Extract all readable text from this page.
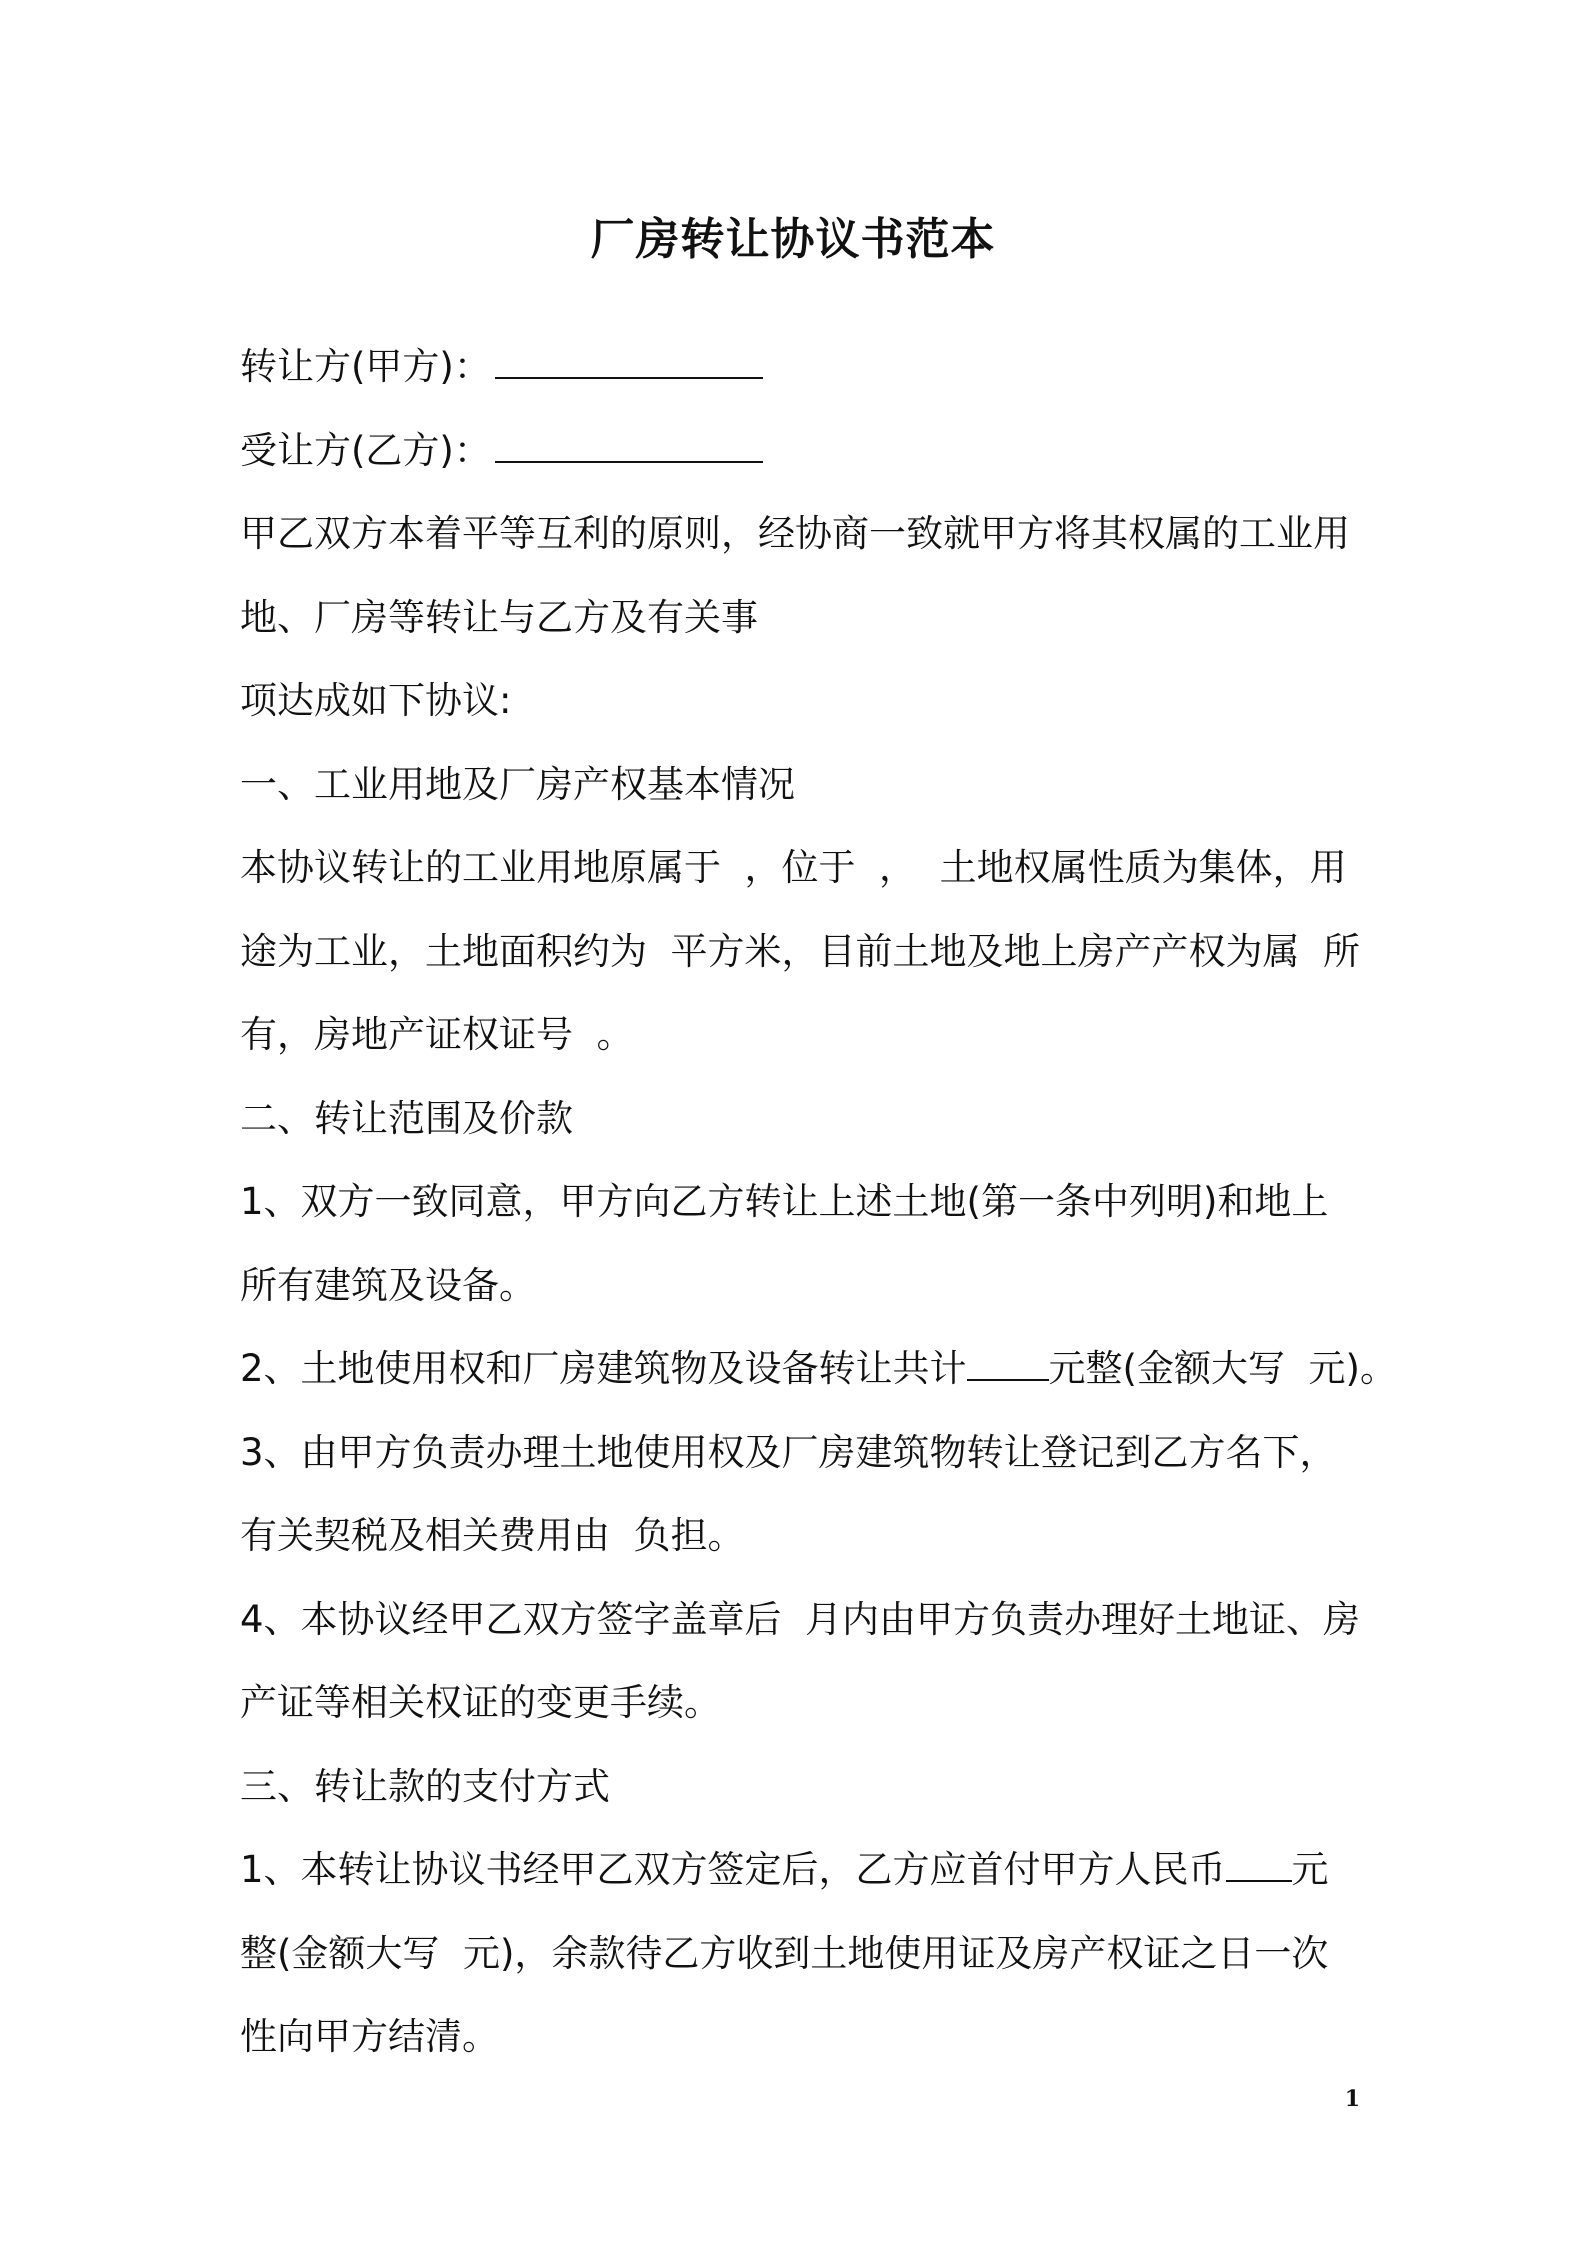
厂房转让协议书范本
转让方(甲方)：
受让方(乙方)：
甲乙双方本着平等互利的原则，经协商一致就甲方将其权属的工业用
地、厂房等转让与乙方及有关事
项达成如下协议:
一、工业用地及厂房产权基本情况
本协议转让的工业用地原属于  ，位于  ，  土地权属性质为集体，用
途为工业，土地面积约为  平方米，目前土地及地上房产产权为属  所
有，房地产证权证号  。
二、转让范围及价款
1、双方一致同意，甲方向乙方转让上述土地(第一条中列明)和地上
所有建筑及设备。
2、土地使用权和厂房建筑物及设备转让共计 元整(金额大写  元)。
3、由甲方负责办理土地使用权及厂房建筑物转让登记到乙方名下，
有关契税及相关费用由  负担。
4、本协议经甲乙双方签字盖章后  月内由甲方负责办理好土地证、房
产证等相关权证的变更手续。
三、转让款的支付方式
1、本转让协议书经甲乙双方签定后，乙方应首付甲方人民币 元
整(金额大写  元)，余款待乙方收到土地使用证及房产权证之日一次
性向甲方结清。
1
